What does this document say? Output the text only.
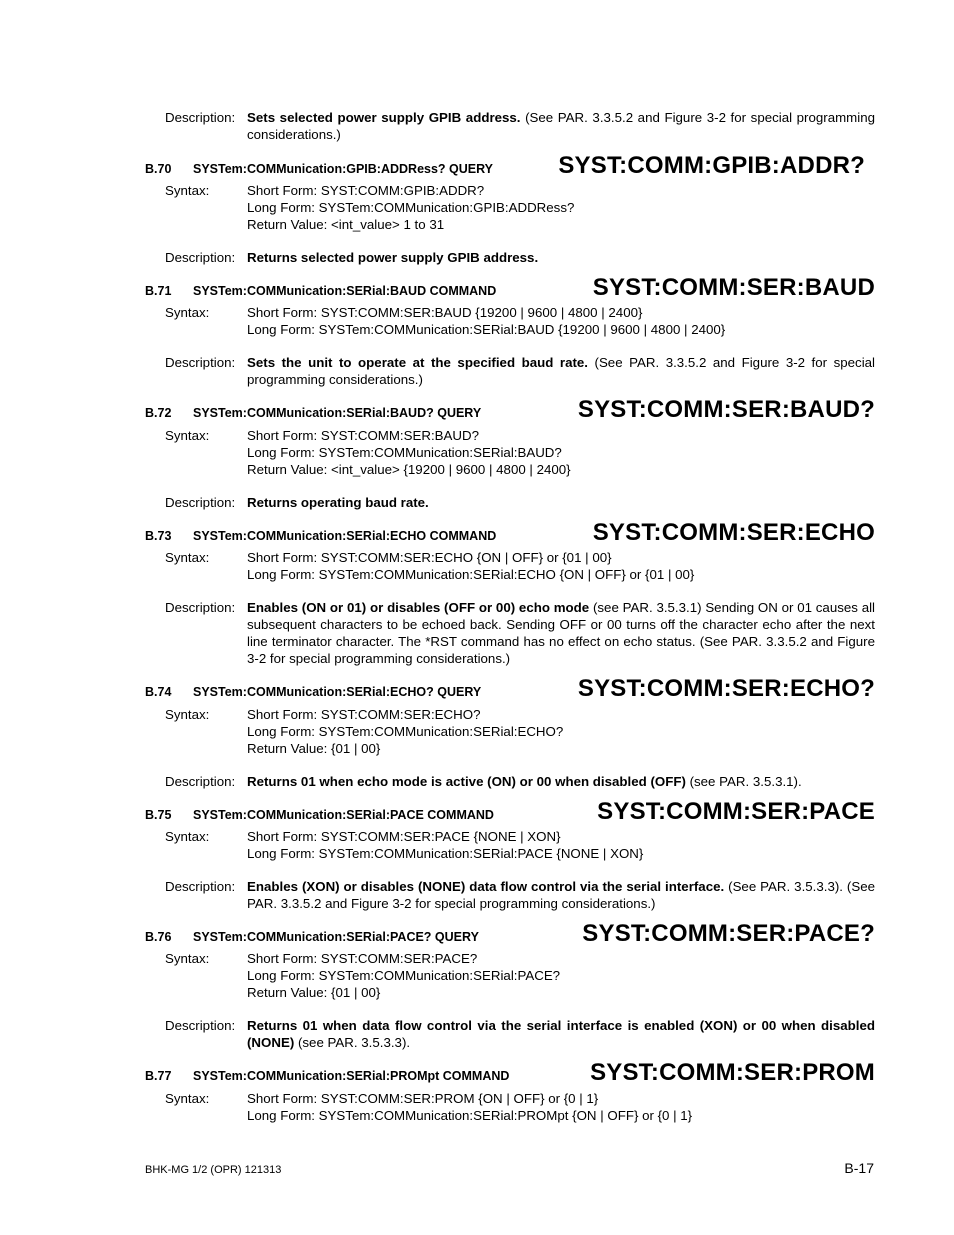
Description: Sets selected power supply GPIB address. (See PAR. 3.3.5.2 and Figure 3-2 for special programming considerations.)
B.70 SYSTem:COMMunication:GPIB:ADDRess? QUERY	SYST:COMM:GPIB:ADDR?
Syntax:	Short Form: SYST:COMM:GPIB:ADDR?
Long Form: SYSTem:COMMunication:GPIB:ADDRess?
Return Value: <int_value> 1 to 31
Description: Returns selected power supply GPIB address.
B.71 SYSTem:COMMunication:SERial:BAUD COMMAND	SYST:COMM:SER:BAUD
Syntax:	Short Form: SYST:COMM:SER:BAUD {19200 | 9600 | 4800 | 2400}
Long Form: SYSTem:COMMunication:SERial:BAUD {19200 | 9600 | 4800 | 2400}
Description: Sets the unit to operate at the specified baud rate. (See PAR. 3.3.5.2 and Figure 3-2 for special programming considerations.)
B.72 SYSTem:COMMunication:SERial:BAUD? QUERY	SYST:COMM:SER:BAUD?
Syntax:	Short Form: SYST:COMM:SER:BAUD?
Long Form: SYSTem:COMMunication:SERial:BAUD?
Return Value: <int_value> {19200 | 9600 | 4800 | 2400}
Description: Returns operating baud rate.
B.73 SYSTem:COMMunication:SERial:ECHO COMMAND	SYST:COMM:SER:ECHO
Syntax:	Short Form: SYST:COMM:SER:ECHO {ON | OFF} or {01 | 00}
Long Form: SYSTem:COMMunication:SERial:ECHO {ON | OFF} or {01 | 00}
Description: Enables (ON or 01) or disables (OFF or 00) echo mode (see PAR. 3.5.3.1) Sending ON or 01 causes all subsequent characters to be echoed back. Sending OFF or 00 turns off the character echo after the next line terminator character. The *RST command has no effect on echo status. (See PAR. 3.3.5.2 and Figure 3-2 for special programming considerations.)
B.74 SYSTem:COMMunication:SERial:ECHO? QUERY	SYST:COMM:SER:ECHO?
Syntax:	Short Form: SYST:COMM:SER:ECHO?
Long Form: SYSTem:COMMunication:SERial:ECHO?
Return Value: {01 | 00}
Description: Returns 01 when echo mode is active (ON) or 00 when disabled (OFF) (see PAR. 3.5.3.1).
B.75 SYSTem:COMMunication:SERial:PACE COMMAND	SYST:COMM:SER:PACE
Syntax:	Short Form: SYST:COMM:SER:PACE {NONE | XON}
Long Form: SYSTem:COMMunication:SERial:PACE {NONE | XON}
Description: Enables (XON) or disables (NONE) data flow control via the serial interface. (See PAR. 3.5.3.3). (See PAR. 3.3.5.2 and Figure 3-2 for special programming considerations.)
B.76 SYSTem:COMMunication:SERial:PACE? QUERY	SYST:COMM:SER:PACE?
Syntax:	Short Form: SYST:COMM:SER:PACE?
Long Form: SYSTem:COMMunication:SERial:PACE?
Return Value: {01 | 00}
Description: Returns 01 when data flow control via the serial interface is enabled (XON) or 00 when disabled (NONE) (see PAR. 3.5.3.3).
B.77 SYSTem:COMMunication:SERial:PROMpt COMMAND	SYST:COMM:SER:PROM
Syntax:	Short Form: SYST:COMM:SER:PROM {ON | OFF} or {0 | 1}
Long Form: SYSTem:COMMunication:SERial:PROMpt {ON | OFF} or {0 | 1}
BHK-MG 1/2 (OPR) 121313	B-17
